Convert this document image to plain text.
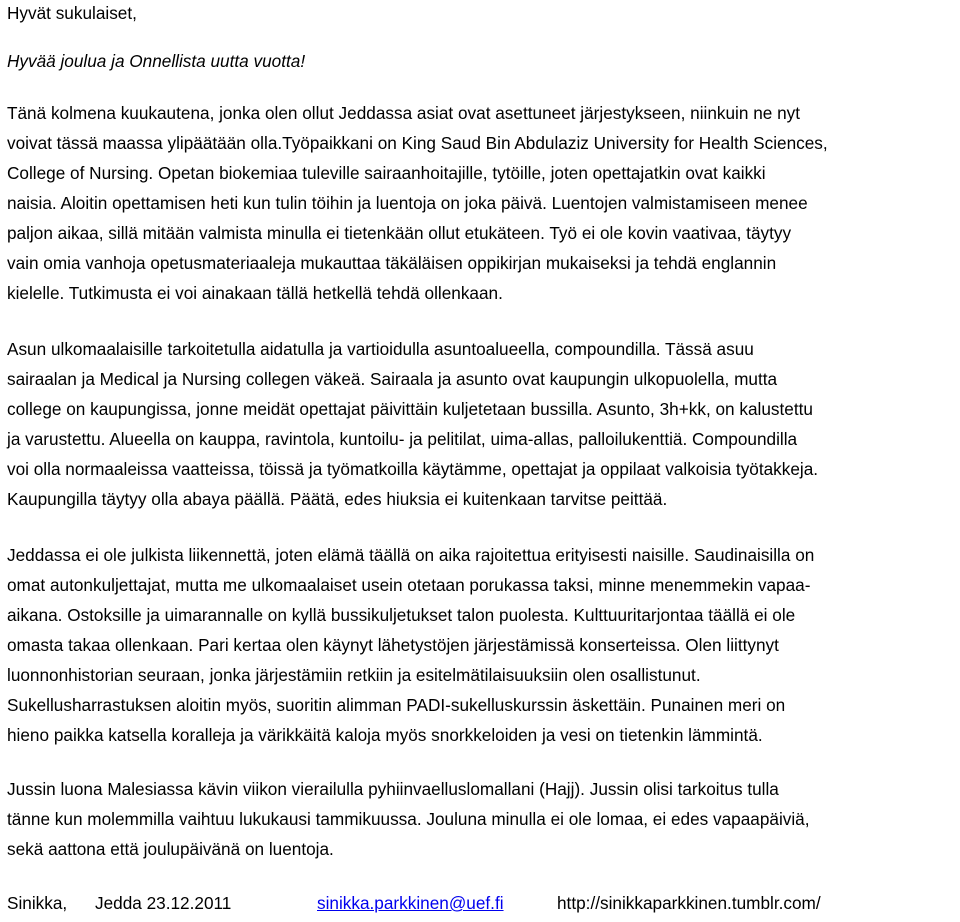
Hyvät sukulaiset,
Hyvää joulua ja Onnellista uutta vuotta!
Tänä kolmena kuukautena, jonka olen ollut Jeddassa asiat ovat asettuneet järjestykseen, niinkuin ne nyt
voivat tässä maassa ylipäätään olla.Työpaikkani on King Saud Bin Abdulaziz University for Health Sciences,
College of Nursing. Opetan biokemiaa tuleville sairaanhoitajille, tytöille, joten opettajatkin ovat kaikki
naisia. Aloitin opettamisen heti kun tulin töihin ja luentoja on joka päivä. Luentojen valmistamiseen menee
paljon aikaa, sillä mitään valmista minulla ei tietenkään ollut etukäteen. Työ ei ole kovin vaativaa, täytyy
vain omia vanhoja opetusmateriaaleja mukauttaa täkäläisen oppikirjan mukaiseksi ja tehdä englannin
kielelle. Tutkimusta ei voi ainakaan tällä hetkellä tehdä ollenkaan.
Asun ulkomaalaisille tarkoitetulla aidatulla ja vartioidulla asuntoalueella, compoundilla. Tässä asuu
sairaalan ja Medical ja Nursing collegen väkeä. Sairaala ja asunto ovat kaupungin ulkopuolella, mutta
college on kaupungissa, jonne meidät opettajat päivittäin kuljetetaan bussilla. Asunto, 3h+kk, on kalustettu
ja varustettu. Alueella on kauppa, ravintola, kuntoilu- ja pelitilat, uima-allas, palloilukenttiä. Compoundilla
voi olla normaaleissa vaatteissa, töissä ja työmatkoilla käytämme, opettajat ja oppilaat valkoisia työtakkeja.
Kaupungilla täytyy olla abaya päällä. Päätä, edes hiuksia ei kuitenkaan tarvitse peittää.
Jeddassa ei ole julkista liikennettä, joten elämä täällä on aika rajoitettua erityisesti naisille. Saudinaisilla on
omat autonkuljettajat, mutta me ulkomaalaiset usein otetaan porukassa taksi, minne menemmekin vapaa-
aikana. Ostoksille ja uimarannalle on kyllä bussikuljetukset talon puolesta. Kulttuuritarjontaa täällä ei ole
omasta takaa ollenkaan. Pari kertaa olen käynyt lähetystöjen järjestämissä konserteissa. Olen liittynyt
luonnonhistorian seuraan, jonka järjestämiin retkiin ja esitelmätilaisuuksiin olen osallistunut.
Sukellusharrastuksen aloitin myös, suoritin alimman PADI-sukelluskurssin äskettäin. Punainen meri on
hieno paikka katsella koralleja ja värikkäitä kaloja myös snorkkeloiden ja vesi on tietenkin lämmintä.
Jussin luona Malesiassa kävin viikon vierailulla pyhiinvaelluslomallani (Hajj). Jussin olisi tarkoitus tulla
tänne kun molemmilla vaihtuu lukukausi tammikuussa. Jouluna minulla ei ole lomaa, ei edes vapaapäiviä,
sekä aattona että joulupäivänä on luentoja.
Sinikka, Jedda 23.12.2011	sinikka.parkkinen@uef.fi	http://sinikkaparkkinen.tumblr.com/
